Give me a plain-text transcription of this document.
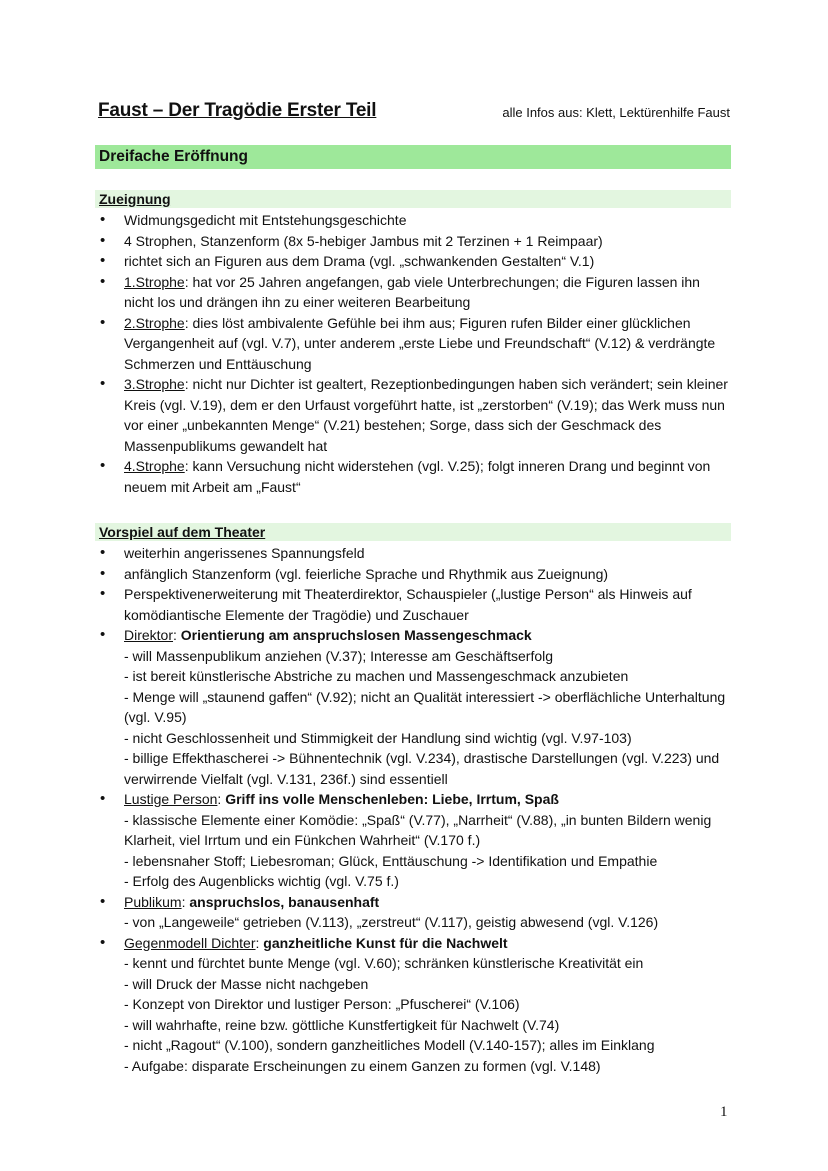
Faust – Der Tragödie Erster Teil	alle Infos aus: Klett, Lektürenhilfe Faust
Dreifache Eröffnung
Zueignung
• Widmungsgedicht mit Entstehungsgeschichte
• 4 Strophen, Stanzenform (8x 5-hebiger Jambus mit 2 Terzinen + 1 Reimpaar)
• richtet sich an Figuren aus dem Drama (vgl. „schwankenden Gestalten“ V.1)
• 1.Strophe: hat vor 25 Jahren angefangen, gab viele Unterbrechungen; die Figuren lassen ihn nicht los und drängen ihn zu einer weiteren Bearbeitung
• 2.Strophe: dies löst ambivalente Gefühle bei ihm aus; Figuren rufen Bilder einer glücklichen Vergangenheit auf (vgl. V.7), unter anderem „erste Liebe und Freundschaft“ (V.12) & verdrängte Schmerzen und Enttäuschung
• 3.Strophe: nicht nur Dichter ist gealtert, Rezeptionbedingungen haben sich verändert; sein kleiner Kreis (vgl. V.19), dem er den Urfaust vorgeführt hatte, ist „zerstorben“ (V.19); das Werk muss nun vor einer „unbekannten Menge“ (V.21) bestehen; Sorge, dass sich der Geschmack des Massenpublikums gewandelt hat
• 4.Strophe: kann Versuchung nicht widerstehen (vgl. V.25); folgt inneren Drang und beginnt von neuem mit Arbeit am „Faust“
Vorspiel auf dem Theater
• weiterhin angerissenes Spannungsfeld
• anfänglich Stanzenform (vgl. feierliche Sprache und Rhythmik aus Zueignung)
• Perspektivenerweiterung mit Theaterdirektor, Schauspieler („lustige Person“ als Hinweis auf komödiantische Elemente der Tragödie) und Zuschauer
• Direktor: Orientierung am anspruchslosen Massengeschmack
- will Massenpublikum anziehen (V.37); Interesse am Geschäftserfolg
- ist bereit künstlerische Abstriche zu machen und Massengeschmack anzubieten
- Menge will „staunend gaffen“ (V.92); nicht an Qualität interessiert -> oberflächliche Unterhaltung (vgl. V.95)
- nicht Geschlossenheit und Stimmigkeit der Handlung sind wichtig (vgl. V.97-103)
- billige Effekthascherei -> Bühnentechnik (vgl. V.234), drastische Darstellungen (vgl. V.223) und verwirrende Vielfalt (vgl. V.131, 236f.) sind essentiell
• Lustige Person: Griff ins volle Menschenleben: Liebe, Irrtum, Spaß
- klassische Elemente einer Komödie: „Spaß“ (V.77), „Narrheit“ (V.88), „in bunten Bildern wenig Klarheit, viel Irrtum und ein Fünkchen Wahrheit“ (V.170 f.)
- lebensnaher Stoff; Liebesroman; Glück, Enttäuschung -> Identifikation und Empathie
- Erfolg des Augenblicks wichtig (vgl. V.75 f.)
• Publikum: anspruchslos, banausenhaft
- von „Langeweile“ getrieben (V.113), „zerstreut“ (V.117), geistig abwesend (vgl. V.126)
• Gegenmodell Dichter: ganzheitliche Kunst für die Nachwelt
- kennt und fürchtet bunte Menge (vgl. V.60); schränken künstlerische Kreativität ein
- will Druck der Masse nicht nachgeben
- Konzept von Direktor und lustiger Person: „Pfuscherei“ (V.106)
- will wahrhafte, reine bzw. göttliche Kunstfertigkeit für Nachwelt (V.74)
- nicht „Ragout“ (V.100), sondern ganzheitliches Modell (V.140-157); alles im Einklang
- Aufgabe: disparate Erscheinungen zu einem Ganzen zu formen (vgl. V.148)
1
